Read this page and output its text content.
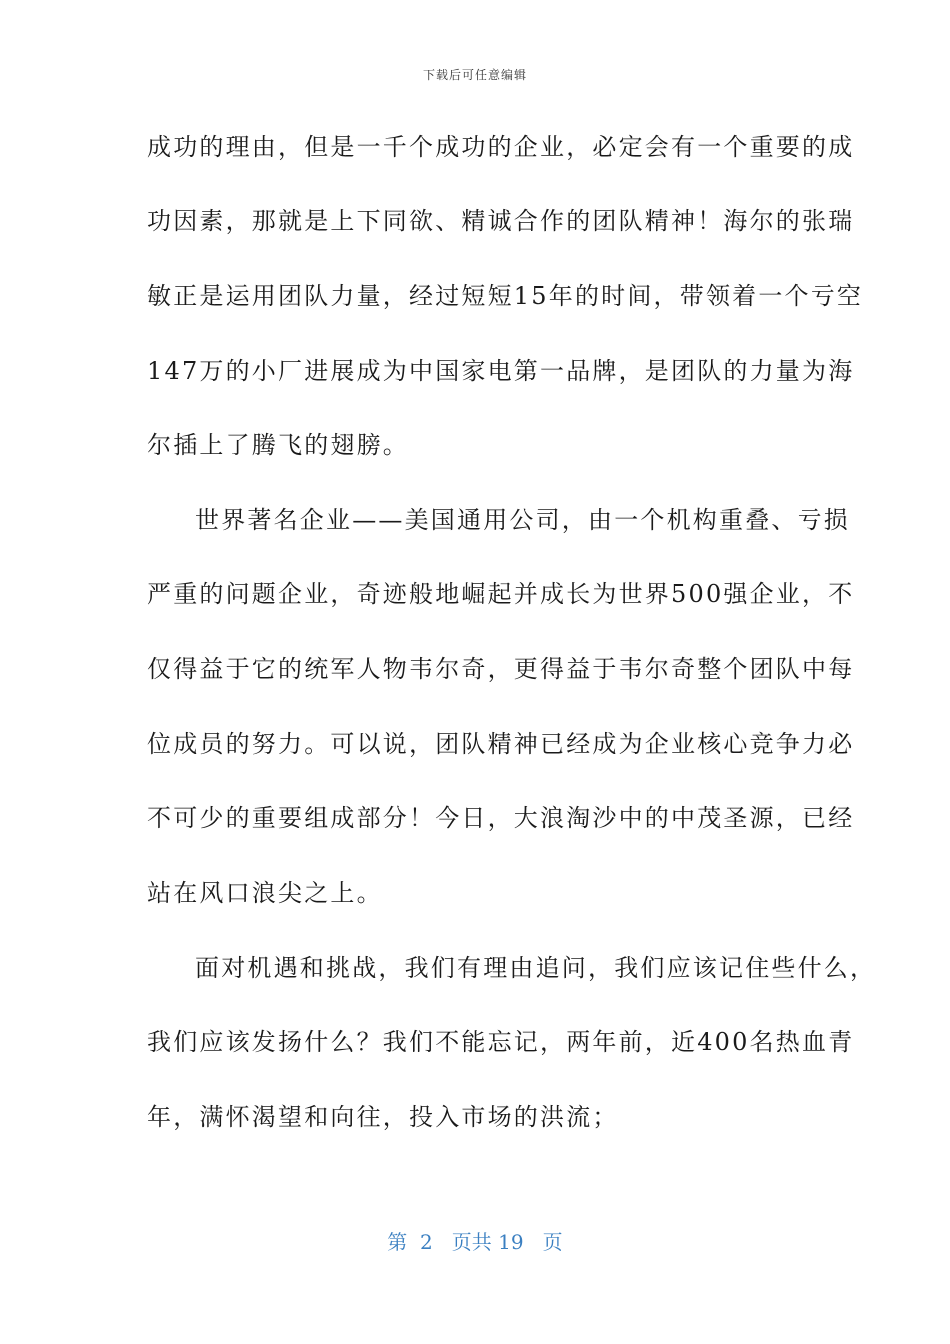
下载后可任意编辑
成功的理由，但是一千个成功的企业，必定会有一个重要的成
功因素，那就是上下同欲、精诚合作的团队精神！海尔的张瑞
敏正是运用团队力量，经过短短15年的时间，带领着一个亏空
147万的小厂进展成为中国家电第一品牌，是团队的力量为海
尔插上了腾飞的翅膀。
世界著名企业——美国通用公司，由一个机构重叠、亏损
严重的问题企业，奇迹般地崛起并成长为世界500强企业，不
仅得益于它的统军人物韦尔奇，更得益于韦尔奇整个团队中每
位成员的努力。可以说，团队精神已经成为企业核心竞争力必
不可少的重要组成部分！今日，大浪淘沙中的中茂圣源，已经
站在风口浪尖之上。
面对机遇和挑战，我们有理由追问，我们应该记住些什么，
我们应该发扬什么？我们不能忘记，两年前，近400名热血青
年，满怀渴望和向往，投入市场的洪流；
第  2   页共 19   页
